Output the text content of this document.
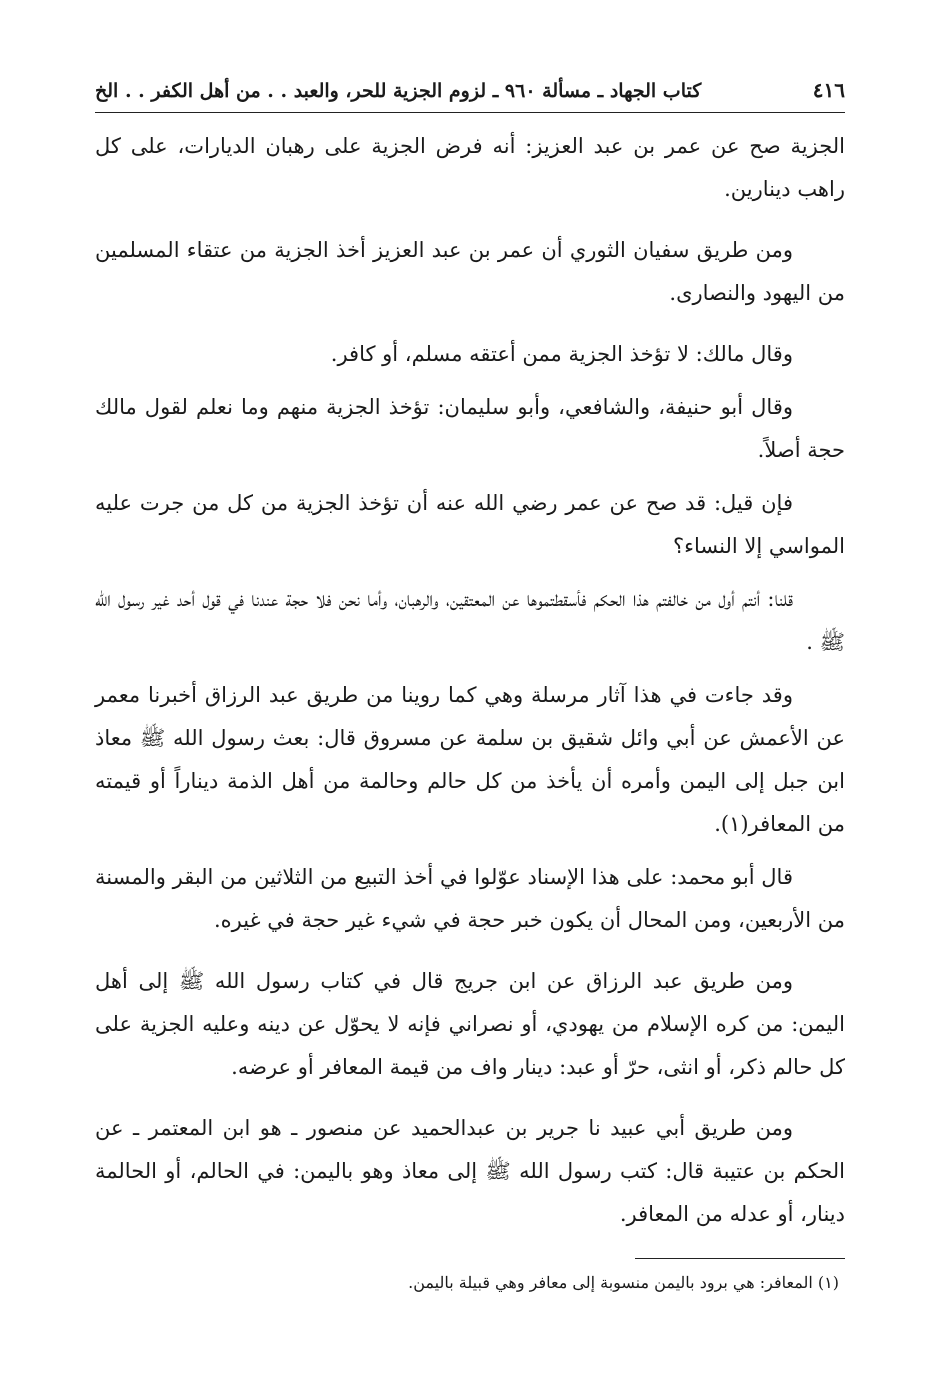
٤١٦
كتاب الجهاد ـ مسألة ٩٦٠ ـ لزوم الجزية للحر، والعبد . . من أهل الكفر . . الخ

الجزية صح عن عمر بن عبد العزيز: أنه فرض الجزية على رهبان الديارات، على كل راهب دينارين.

ومن طريق سفيان الثوري أن عمر بن عبد العزيز أخذ الجزية من عتقاء المسلمين من اليهود والنصارى.

وقال مالك: لا تؤخذ الجزية ممن أعتقه مسلم، أو كافر.

وقال أبو حنيفة، والشافعي، وأبو سليمان: تؤخذ الجزية منهم وما نعلم لقول مالك حجة أصلاً.

فإن قيل: قد صح عن عمر رضي الله عنه أن تؤخذ الجزية من كل من جرت عليه المواسي إلا النساء؟

قلنا: أنتم أول من خالفتم هذا الحكم فأسقطتموها عن المعتقين، والرهبان، وأما نحن فلا حجة عندنا في قول أحد غير رسول الله ﷺ .

وقد جاءت في هذا آثار مرسلة وهي كما روينا من طريق عبد الرزاق أخبرنا معمر عن الأعمش عن أبي وائل شقيق بن سلمة عن مسروق قال: بعث رسول الله ﷺ معاذ ابن جبل إلى اليمن وأمره أن يأخذ من كل حالم وحالمة من أهل الذمة ديناراً أو قيمته من المعافر(١).

قال أبو محمد: على هذا الإسناد عوّلوا في أخذ التبيع من الثلاثين من البقر والمسنة من الأربعين، ومن المحال أن يكون خبر حجة في شيء غير حجة في غيره.

ومن طريق عبد الرزاق عن ابن جريج قال في كتاب رسول الله ﷺ إلى أهل اليمن: من كره الإسلام من يهودي، أو نصراني فإنه لا يحوّل عن دينه وعليه الجزية على كل حالم ذكر، أو انثى، حرّ أو عبد: دينار واف من قيمة المعافر أو عرضه.

ومن طريق أبي عبيد نا جرير بن عبدالحميد عن منصور ـ هو ابن المعتمر ـ عن الحكم بن عتيبة قال: كتب رسول الله ﷺ إلى معاذ وهو باليمن: في الحالم، أو الحالمة دينار، أو عدله من المعافر.

(١) المعافر: هي برود باليمن منسوبة إلى معافر وهي قبيلة باليمن.
